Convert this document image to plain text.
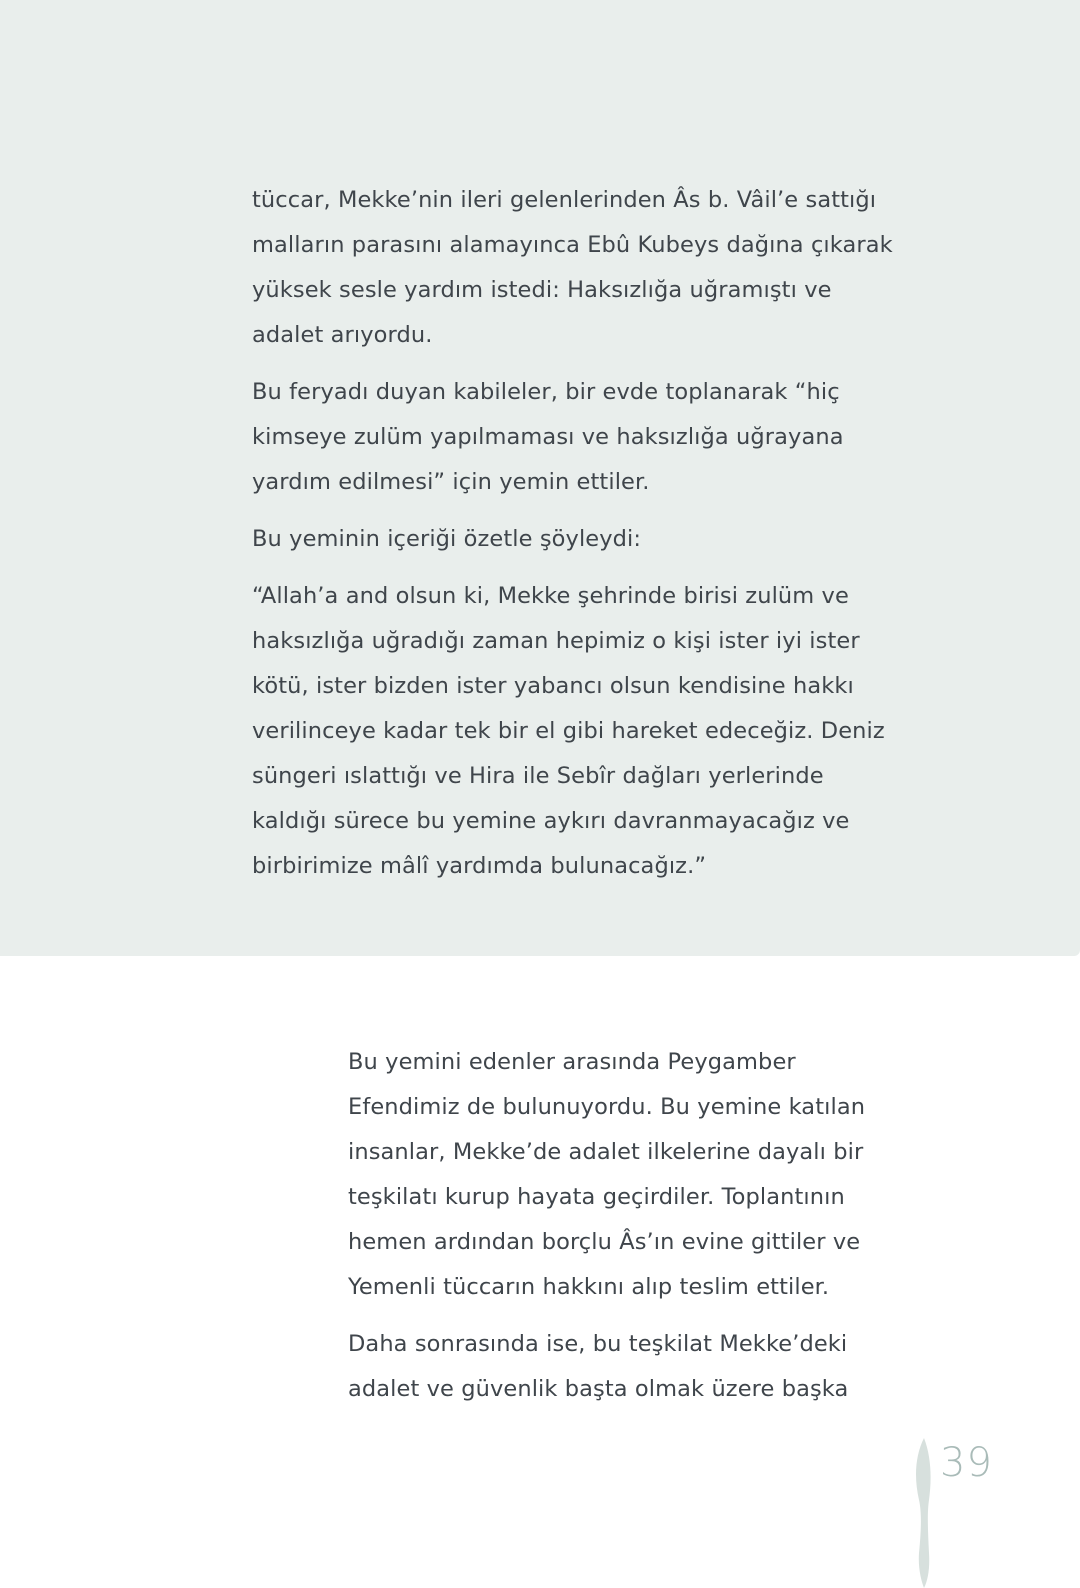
tüccar, Mekke’nin ileri gelenlerinden Âs b. Vâil’e sattığı malların parasını alamayınca Ebû Kubeys dağına çıkarak yüksek sesle yardım istedi: Haksızlığa uğramıştı ve adalet arıyordu.

Bu feryadı duyan kabileler, bir evde toplanarak “hiç kimseye zulüm yapılmaması ve haksızlığa uğrayana yardım edilmesi” için yemin ettiler.

Bu yeminin içeriği özetle şöyleydi:

“Allah’a and olsun ki, Mekke şehrinde birisi zulüm ve haksızlığa uğradığı zaman hepimiz o kişi ister iyi ister kötü, ister bizden ister yabancı olsun kendisine hakkı verilinceye kadar tek bir el gibi hareket edeceğiz. Deniz süngeri ıslattığı ve Hira ile Sebîr dağları yerlerinde kaldığı sürece bu yemine aykırı davranmayacağız ve birbirimize mâlî yardımda bulunacağız.”

Bu yemini edenler arasında Peygamber Efendimiz de bulunuyordu. Bu yemine katılan insanlar, Mekke’de adalet ilkelerine dayalı bir teşkilatı kurup hayata geçirdiler. Toplantının hemen ardından borçlu Âs’ın evine gittiler ve Yemenli tüccarın hakkını alıp teslim ettiler.

Daha sonrasında ise, bu teşkilat Mekke’deki adalet ve güvenlik başta olmak üzere başka

39
